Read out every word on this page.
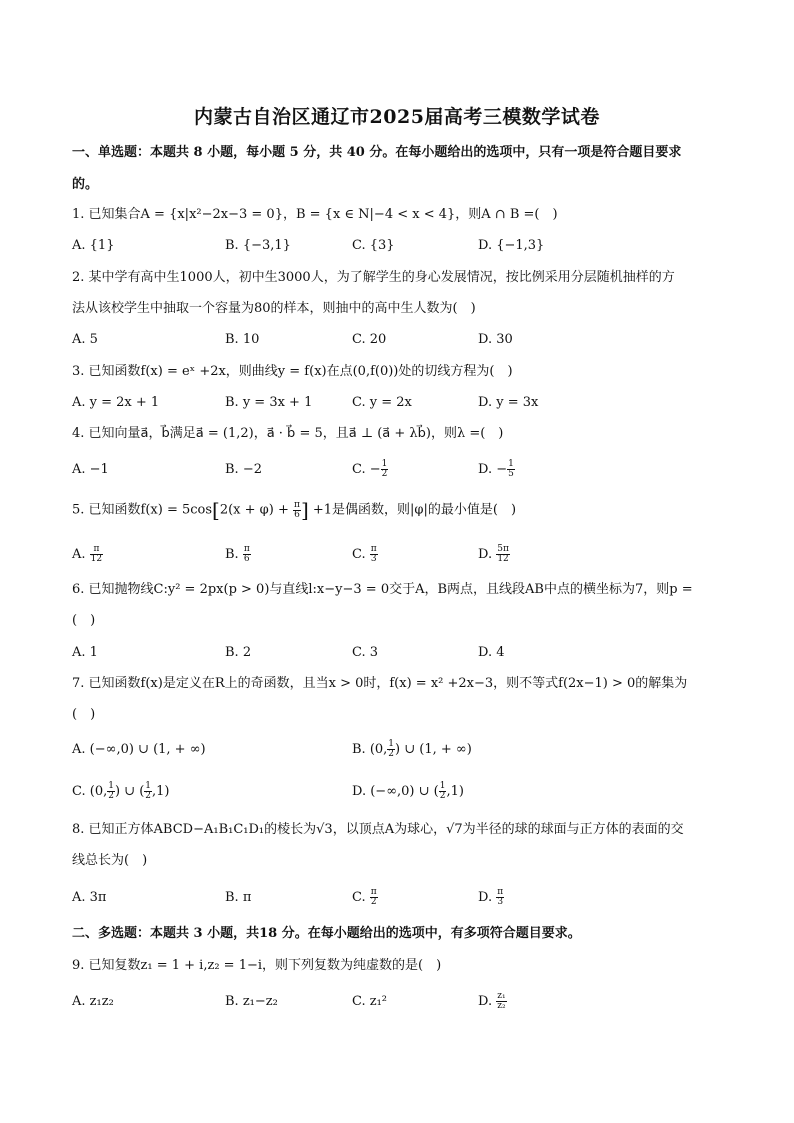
内蒙古自治区通辽市2025届高考三模数学试卷
一、单选题：本题共 8 小题，每小题 5 分，共 40 分。在每小题给出的选项中，只有一项是符合题目要求
的。
1. 已知集合A = {x|x²−2x−3 = 0}，B = {x ∈ N|−4 < x < 4}，则A ∩ B =(　)
A. {1}	B. {−3,1}	C. {3}	D. {−1,3}
2. 某中学有高中生1000人，初中生3000人，为了解学生的身心发展情况，按比例采用分层随机抽样的方
法从该校学生中抽取一个容量为80的样本，则抽中的高中生人数为(　)
A. 5	B. 10	C. 20	D. 30
3. 已知函数f(x) = eˣ +2x，则曲线y = f(x)在点(0,f(0))处的切线方程为(　)
A. y = 2x + 1	B. y = 3x + 1	C. y = 2x	D. y = 3x
4. 已知向量a⃗，b⃗满足a⃗ = (1,2)，a⃗ · b⃗ = 5，且a⃗ ⊥ (a⃗ + λb⃗)，则λ =(　)
A. −1	B. −2	C. − $\frac{1}{2}$	D. − $\frac{1}{5}$
5. 已知函数$f(x) = 5\cos[2(x + \varphi) + \frac{\pi}{6}$ ] +1是偶函数，则|φ|的最小值是(　)
A. $\frac{\pi}{12}$	B. $\frac{\pi}{6}$	C. $\frac{\pi}{3}$	D. $\frac{5\pi}{12}$
6. 已知抛物线C:y² = 2px(p > 0)与直线l:x−y−3 = 0交于A，B两点，且线段AB中点的横坐标为7，则p =
(　)
A. 1	B. 2	C. 3	D. 4
7. 已知函数f(x)是定义在R上的奇函数，且当x > 0时，f(x) = x² +2x−3，则不等式f(2x−1) > 0的解集为
(　)
A. (−∞,0) ∪ (1, + ∞)	B. (0, $\frac{1}{2}$ ) ∪ (1, + ∞)
C. (0, $\frac{1}{2}$ ) ∪ ( $\frac{1}{2} ,1$)	D. (−∞,0) ∪ ( $\frac{1}{2} ,1$)
8. 已知正方体ABCD−A₁B₁C₁D₁的棱长为√3，以顶点A为球心，√7为半径的球的球面与正方体的表面的交
线总长为(　)
A. 3π	B. π	C. $\frac{\pi}{2}$	D. $\frac{\pi}{3}$
二、多选题：本题共 3 小题，共18 分。在每小题给出的选项中，有多项符合题目要求。
9. 已知复数z₁ = 1 + i,z₂ = 1−i，则下列复数为纯虚数的是(　)
A. z₁z₂	B. z₁−z₂	C. z₁²	D. $\frac{\text{z₁}}{\text{z₂}}$
